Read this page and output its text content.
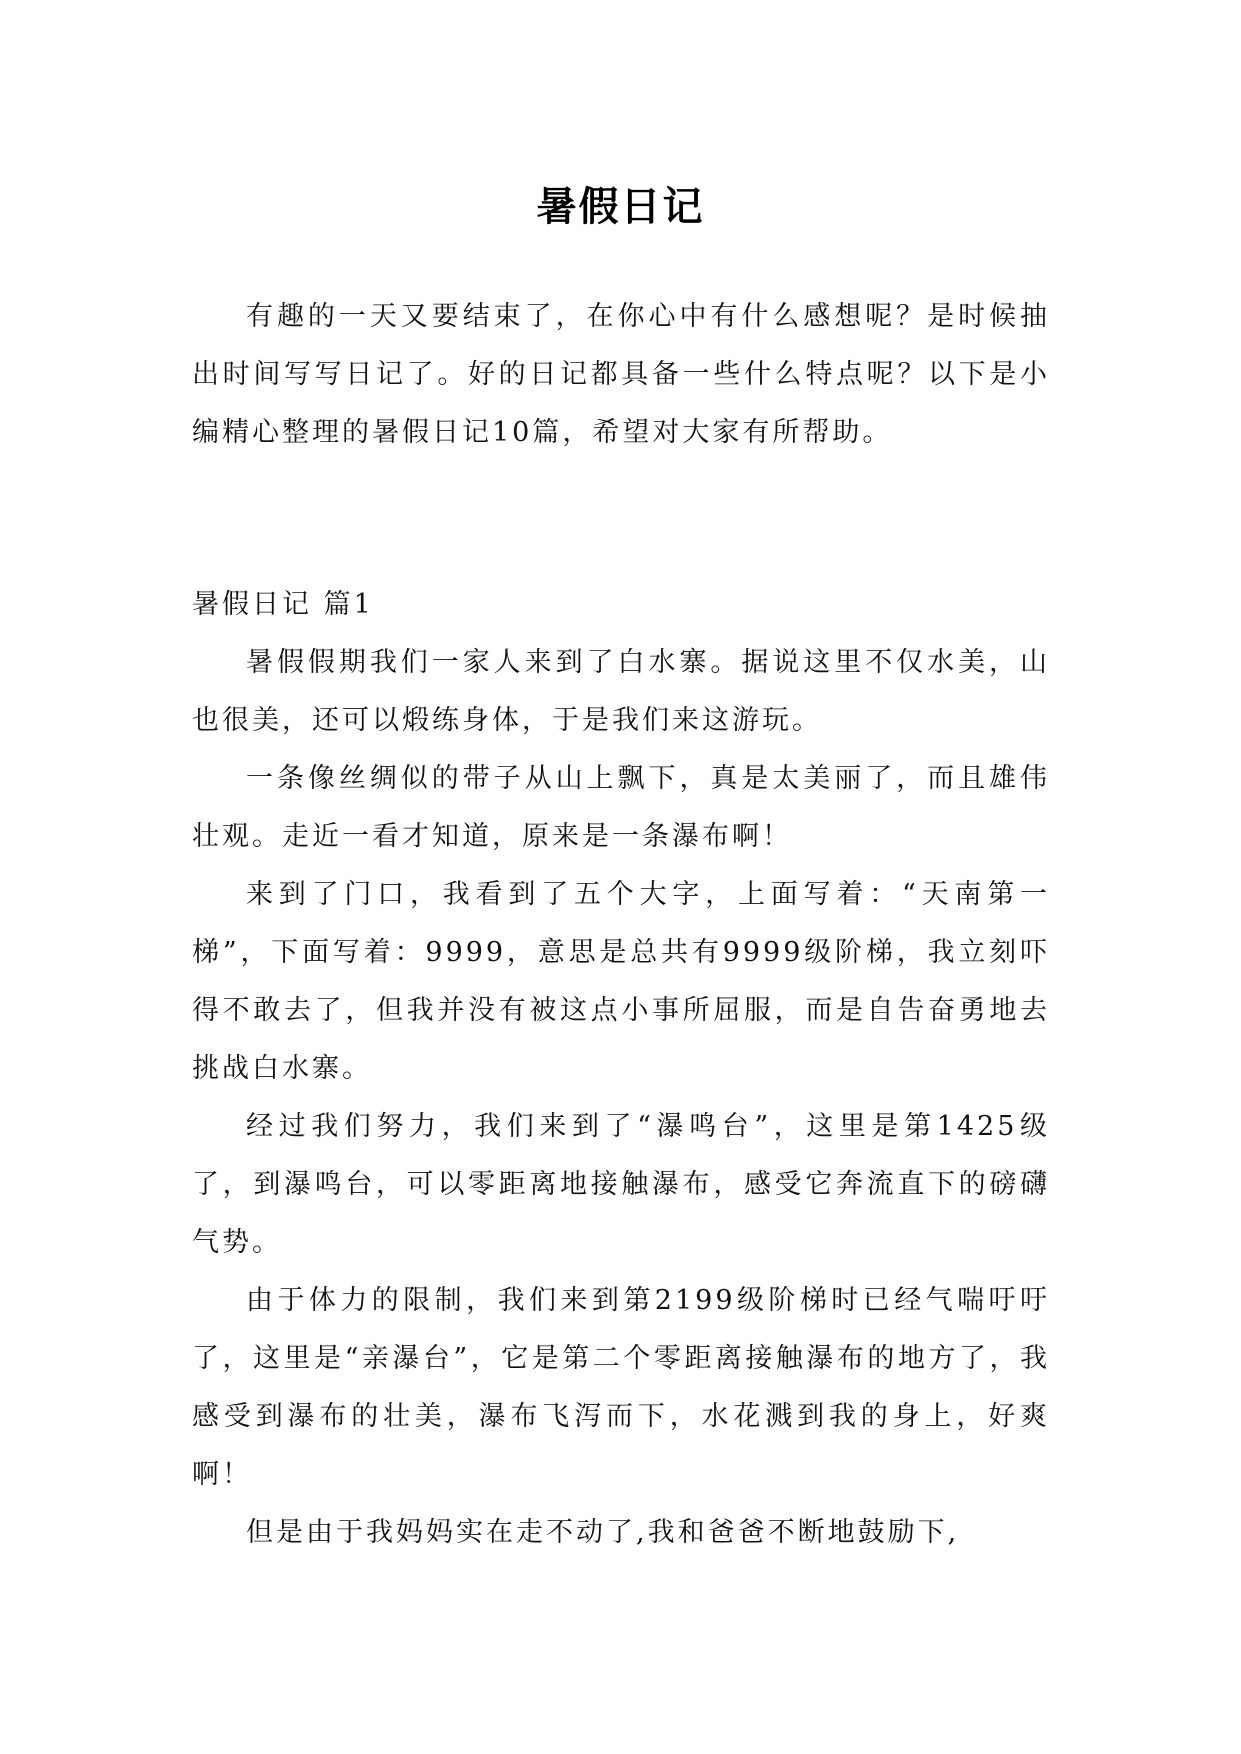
暑假日记

有趣的一天又要结束了，在你心中有什么感想呢？是时候抽出时间写写日记了。好的日记都具备一些什么特点呢？以下是小编精心整理的暑假日记10篇，希望对大家有所帮助。

暑假日记 篇1

暑假假期我们一家人来到了白水寨。据说这里不仅水美，山也很美，还可以煅练身体，于是我们来这游玩。

一条像丝绸似的带子从山上飘下，真是太美丽了，而且雄伟壮观。走近一看才知道，原来是一条瀑布啊！

来到了门口，我看到了五个大字，上面写着：“天南第一梯”，下面写着：9999，意思是总共有9999级阶梯，我立刻吓得不敢去了，但我并没有被这点小事所屈服，而是自告奋勇地去挑战白水寨。

经过我们努力，我们来到了“瀑鸣台”，这里是第1425级了，到瀑鸣台，可以零距离地接触瀑布，感受它奔流直下的磅礴气势。

由于体力的限制，我们来到第2199级阶梯时已经气喘吁吁了，这里是“亲瀑台”，它是第二个零距离接触瀑布的地方了，我感受到瀑布的壮美，瀑布飞泻而下，水花溅到我的身上，好爽啊！

但是由于我妈妈实在走不动了,我和爸爸不断地鼓励下,
